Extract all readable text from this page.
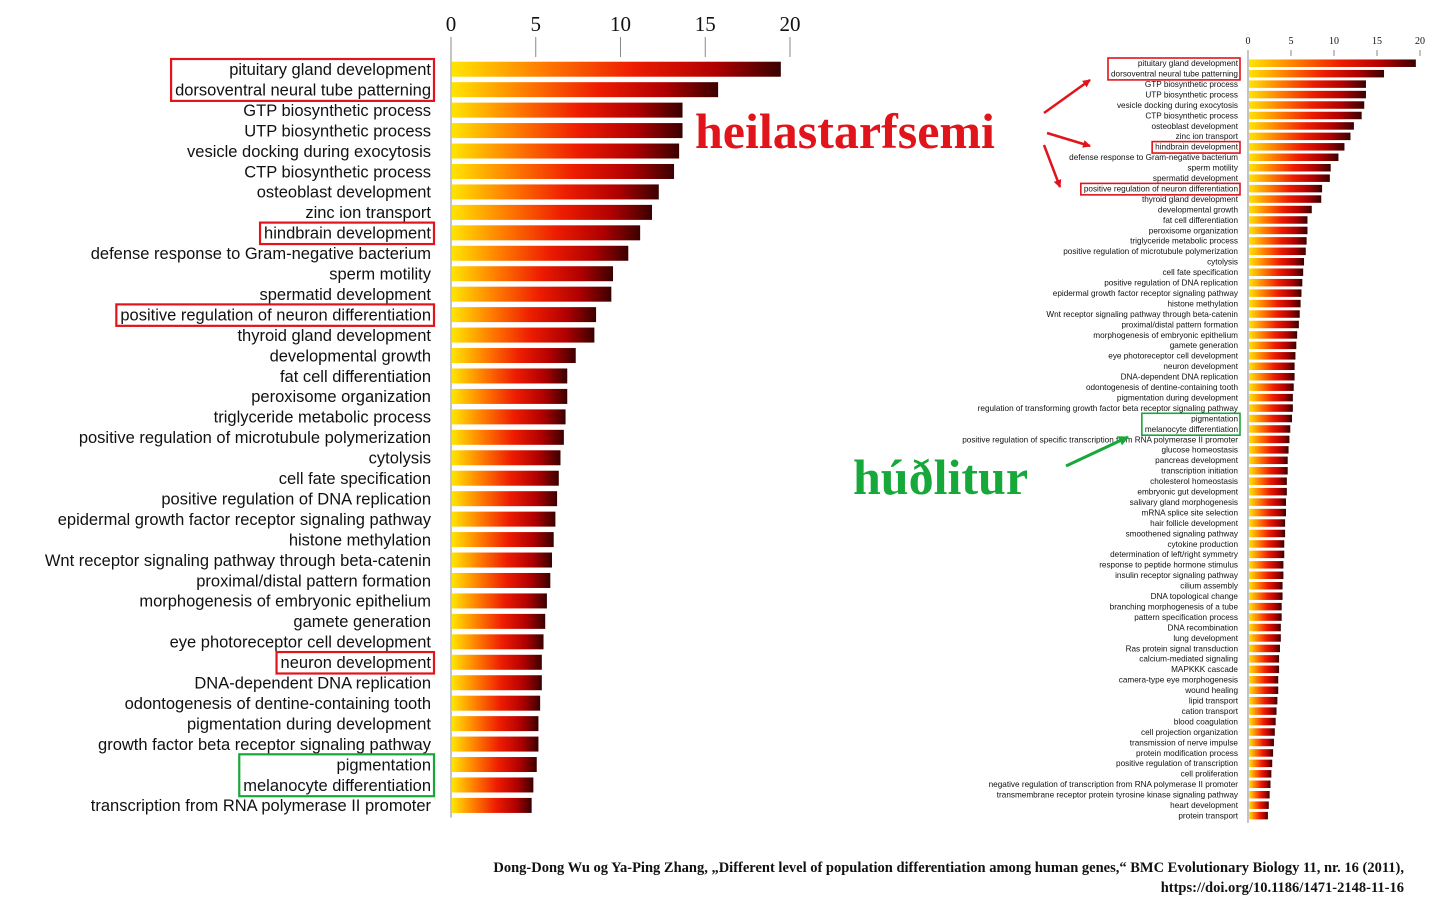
0	5	10	15	20
pituitary gland development
dorsoventral neural tube patterning
GTP biosynthetic process
UTP biosynthetic process
vesicle docking during exocytosis
CTP biosynthetic process
osteoblast development
zinc ion transport
hindbrain development
defense response to Gram-negative bacterium
sperm motility
spermatid development
positive regulation of neuron differentiation
thyroid gland development
developmental growth
fat cell differentiation
peroxisome organization
triglyceride metabolic process
positive regulation of microtubule polymerization
cytolysis
cell fate specification
positive regulation of DNA replication
epidermal growth factor receptor signaling pathway
histone methylation
Wnt receptor signaling pathway through beta-catenin
proximal/distal pattern formation
morphogenesis of embryonic epithelium
gamete generation
eye photoreceptor cell development
neuron development
DNA-dependent DNA replication
odontogenesis of dentine-containing tooth
pigmentation during development
growth factor beta receptor signaling pathway
pigmentation
melanocyte differentiation
transcription from RNA polymerase II promoter
0	5	10	15	20
pituitary gland development
dorsoventral neural tube patterning
GTP biosynthetic process
UTP biosynthetic process
vesicle docking during exocytosis
CTP biosynthetic process
osteoblast development
zinc ion transport
hindbrain development
defense response to Gram-negative bacterium
sperm motility
spermatid development
positive regulation of neuron differentiation
thyroid gland development
developmental growth
fat cell differentiation
peroxisome organization
triglyceride metabolic process
positive regulation of microtubule polymerization
cytolysis
cell fate specification
positive regulation of DNA replication
epidermal growth factor receptor signaling pathway
histone methylation
Wnt receptor signaling pathway through beta-catenin
proximal/distal pattern formation
morphogenesis of embryonic epithelium
gamete generation
eye photoreceptor cell development
neuron development
DNA-dependent DNA replication
odontogenesis of dentine-containing tooth
pigmentation during development
regulation of transforming growth factor beta receptor signaling pathway
pigmentation
melanocyte differentiation
positive regulation of specific transcription from RNA polymerase II promoter
glucose homeostasis
pancreas development
transcription initiation
cholesterol homeostasis
embryonic gut development
salivary gland morphogenesis
mRNA splice site selection
hair follicle development
smoothened signaling pathway
cytokine production
determination of left/right symmetry
response to peptide hormone stimulus
insulin receptor signaling pathway
cilium assembly
DNA topological change
branching morphogenesis of a tube
pattern specification process
DNA recombination
lung development
Ras protein signal transduction
calcium-mediated signaling
MAPKKK cascade
camera-type eye morphogenesis
wound healing
lipid transport
cation transport
blood coagulation
cell projection organization
transmission of nerve impulse
protein modification process
positive regulation of transcription
cell proliferation
negative regulation of transcription from RNA polymerase II promoter
transmembrane receptor protein tyrosine kinase signaling pathway
heart development
protein transport
heilastarfsemi
húðlitur
Dong-Dong Wu og Ya-Ping Zhang, „Different level of population differentiation among human genes,“ BMC Evolutionary Biology 11, nr. 16 (2011),
https://doi.org/10.1186/1471-2148-11-16
